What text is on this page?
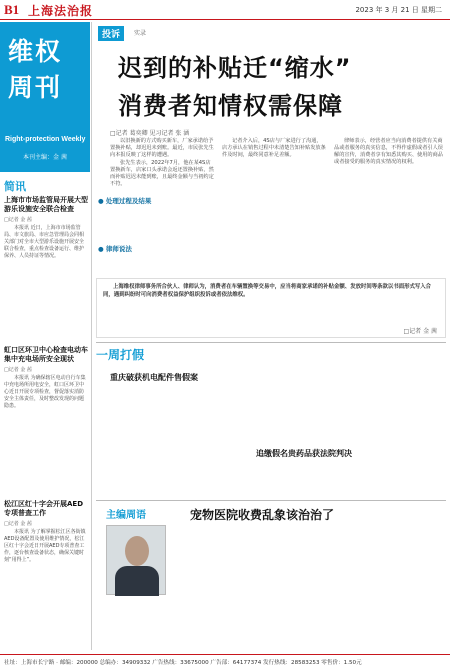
B1 上海法治报	2023 年 3 月 21 日 星期二
维权
周刊
Right-protection Weekly
本刊主编：金 茜
简讯
上海市市场监管局开展大型游乐设施安全联合检查
□记者 金 茜

本报讯 近日，上海市市场监管局、市文旅局、市应急管理局会同相关部门对全市大型游乐设施开展安全联合检查，重点检查设备运行、维护保养、人员持证等情况。

虹口区环卫中心检查电动车集中充电场所安全现状
□记者 金 茜

本报讯 为确保辖区电动自行车集中充电场所用电安全，虹口区环卫中心近日开展专项检查，督促落实消防安全主体责任，及时整改发现的问题隐患。

松江区红十字会开展AED专项普查工作
□记者 金 茜

本报讯 为了解掌握松江区各街镇AED设备配置及使用维护情况，松江区红十字会近日开展AED专项普查工作，逐台核查设备状态，确保关键时刻“用得上”。

投诉	实录
迟到的补贴迁“缩水”
消费者知情权需保障
□记者 葛奕卿 见习记者 张 涵

以旧换新的方式购买新车，厂家承诺给予置换补贴，却迟迟未到账。最近，市民张先生向本报反映了这样的遭遇。

张先生表示，2022年7月，他在某4S店置换新车，店家口头承诺会返还置换补贴，然而补贴迟迟未能到账，且最终金额与当初约定不符。

记者介入后，4S店与厂家进行了沟通，店方承认在销售过程中未清楚告知补贴发放条件及时间，最终同意补足差额。

律师表示，经营者应当向消费者提供有关商品或者服务的真实信息，不得作虚假或者引人误解的宣传，消费者享有知悉其购买、使用的商品或者接受的服务的真实情况的权利。

● 处理过程及结果
● 律师说法

上海维权律师事务所合伙人、律师认为，消费者在车辆置换等交易中，应当将商家承诺的补贴金额、发放时间等条款以书面形式写入合同，遇到纠纷时可向消费者权益保护组织投诉或者依法维权。

□记者 金 茜
一周打假
重庆破获机电配件售假案
追缴假名贵药品获法院判决
主编周语	宠物医院收费乱象该治治了
社址：上海市长宁路 · 邮编：200000 总编办：34909332 广告热线：33675000 广告部：64177374 发行热线：28583253 零售价：1.50元
